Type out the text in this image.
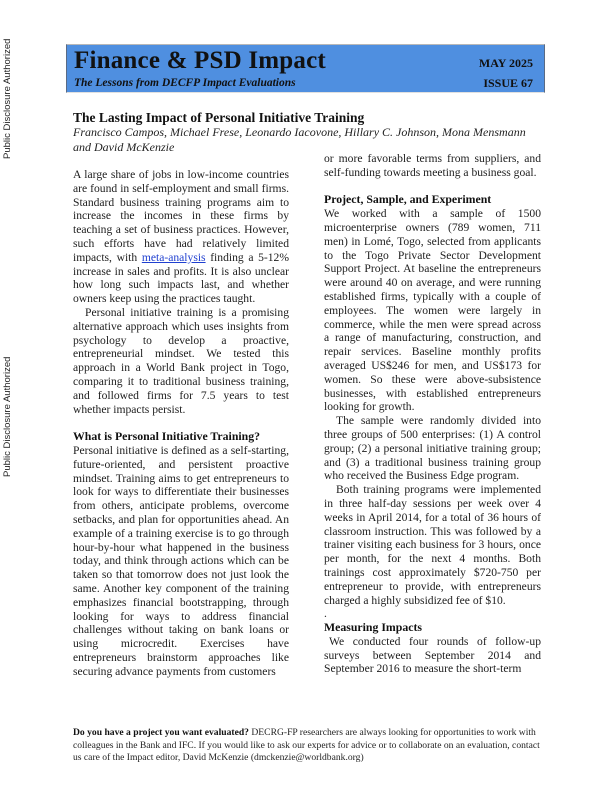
Public Disclosure Authorized
Public Disclosure Authorized
Finance & PSD Impact
The Lessons from DECFP Impact Evaluations
MAY 2025
ISSUE 67
The Lasting Impact of Personal Initiative Training
Francisco Campos, Michael Frese, Leonardo Iacovone, Hillary C. Johnson, Mona Mensmann and David McKenzie

A large share of jobs in low-income countries are found in self-employment and small firms. Standard business training programs aim to increase the incomes in these firms by teaching a set of business practices. However, such efforts have had relatively limited impacts, with meta-analysis finding a 5-12% increase in sales and profits. It is also unclear how long such impacts last, and whether owners keep using the practices taught.

Personal initiative training is a promising alternative approach which uses insights from psychology to develop a proactive, entrepreneurial mindset. We tested this approach in a World Bank project in Togo, comparing it to traditional business training, and followed firms for 7.5 years to test whether impacts persist.

What is Personal Initiative Training?

Personal initiative is defined as a self-starting, future-oriented, and persistent proactive mindset. Training aims to get entrepreneurs to look for ways to differentiate their businesses from others, anticipate problems, overcome setbacks, and plan for opportunities ahead. An example of a training exercise is to go through hour-by-hour what happened in the business today, and think through actions which can be taken so that tomorrow does not just look the same. Another key component of the training emphasizes financial bootstrapping, through looking for ways to address financial challenges without taking on bank loans or using microcredit. Exercises have entrepreneurs brainstorm approaches like securing advance payments from customers

or more favorable terms from suppliers, and self-funding towards meeting a business goal.

Project, Sample, and Experiment

We worked with a sample of 1500 microenterprise owners (789 women, 711 men) in Lomé, Togo, selected from applicants to the Togo Private Sector Development Support Project. At baseline the entrepreneurs were around 40 on average, and were running established firms, typically with a couple of employees. The women were largely in commerce, while the men were spread across a range of manufacturing, construction, and repair services. Baseline monthly profits averaged US$246 for men, and US$173 for women. So these were above-subsistence businesses, with established entrepreneurs looking for growth.

The sample were randomly divided into three groups of 500 enterprises: (1) A control group; (2) a personal initiative training group; and (3) a traditional business training group who received the Business Edge program.

Both training programs were implemented in three half-day sessions per week over 4 weeks in April 2014, for a total of 36 hours of classroom instruction. This was followed by a trainer visiting each business for 3 hours, once per month, for the next 4 months. Both trainings cost approximately $720-750 per entrepreneur to provide, with entrepreneurs charged a highly subsidized fee of $10.

.

Measuring Impacts

We conducted four rounds of follow-up surveys between September 2014 and September 2016 to measure the short-term

Do you have a project you want evaluated? DECRG-FP researchers are always looking for opportunities to work with colleagues in the Bank and IFC. If you would like to ask our experts for advice or to collaborate on an evaluation, contact us care of the Impact editor, David McKenzie (dmckenzie@worldbank.org)
